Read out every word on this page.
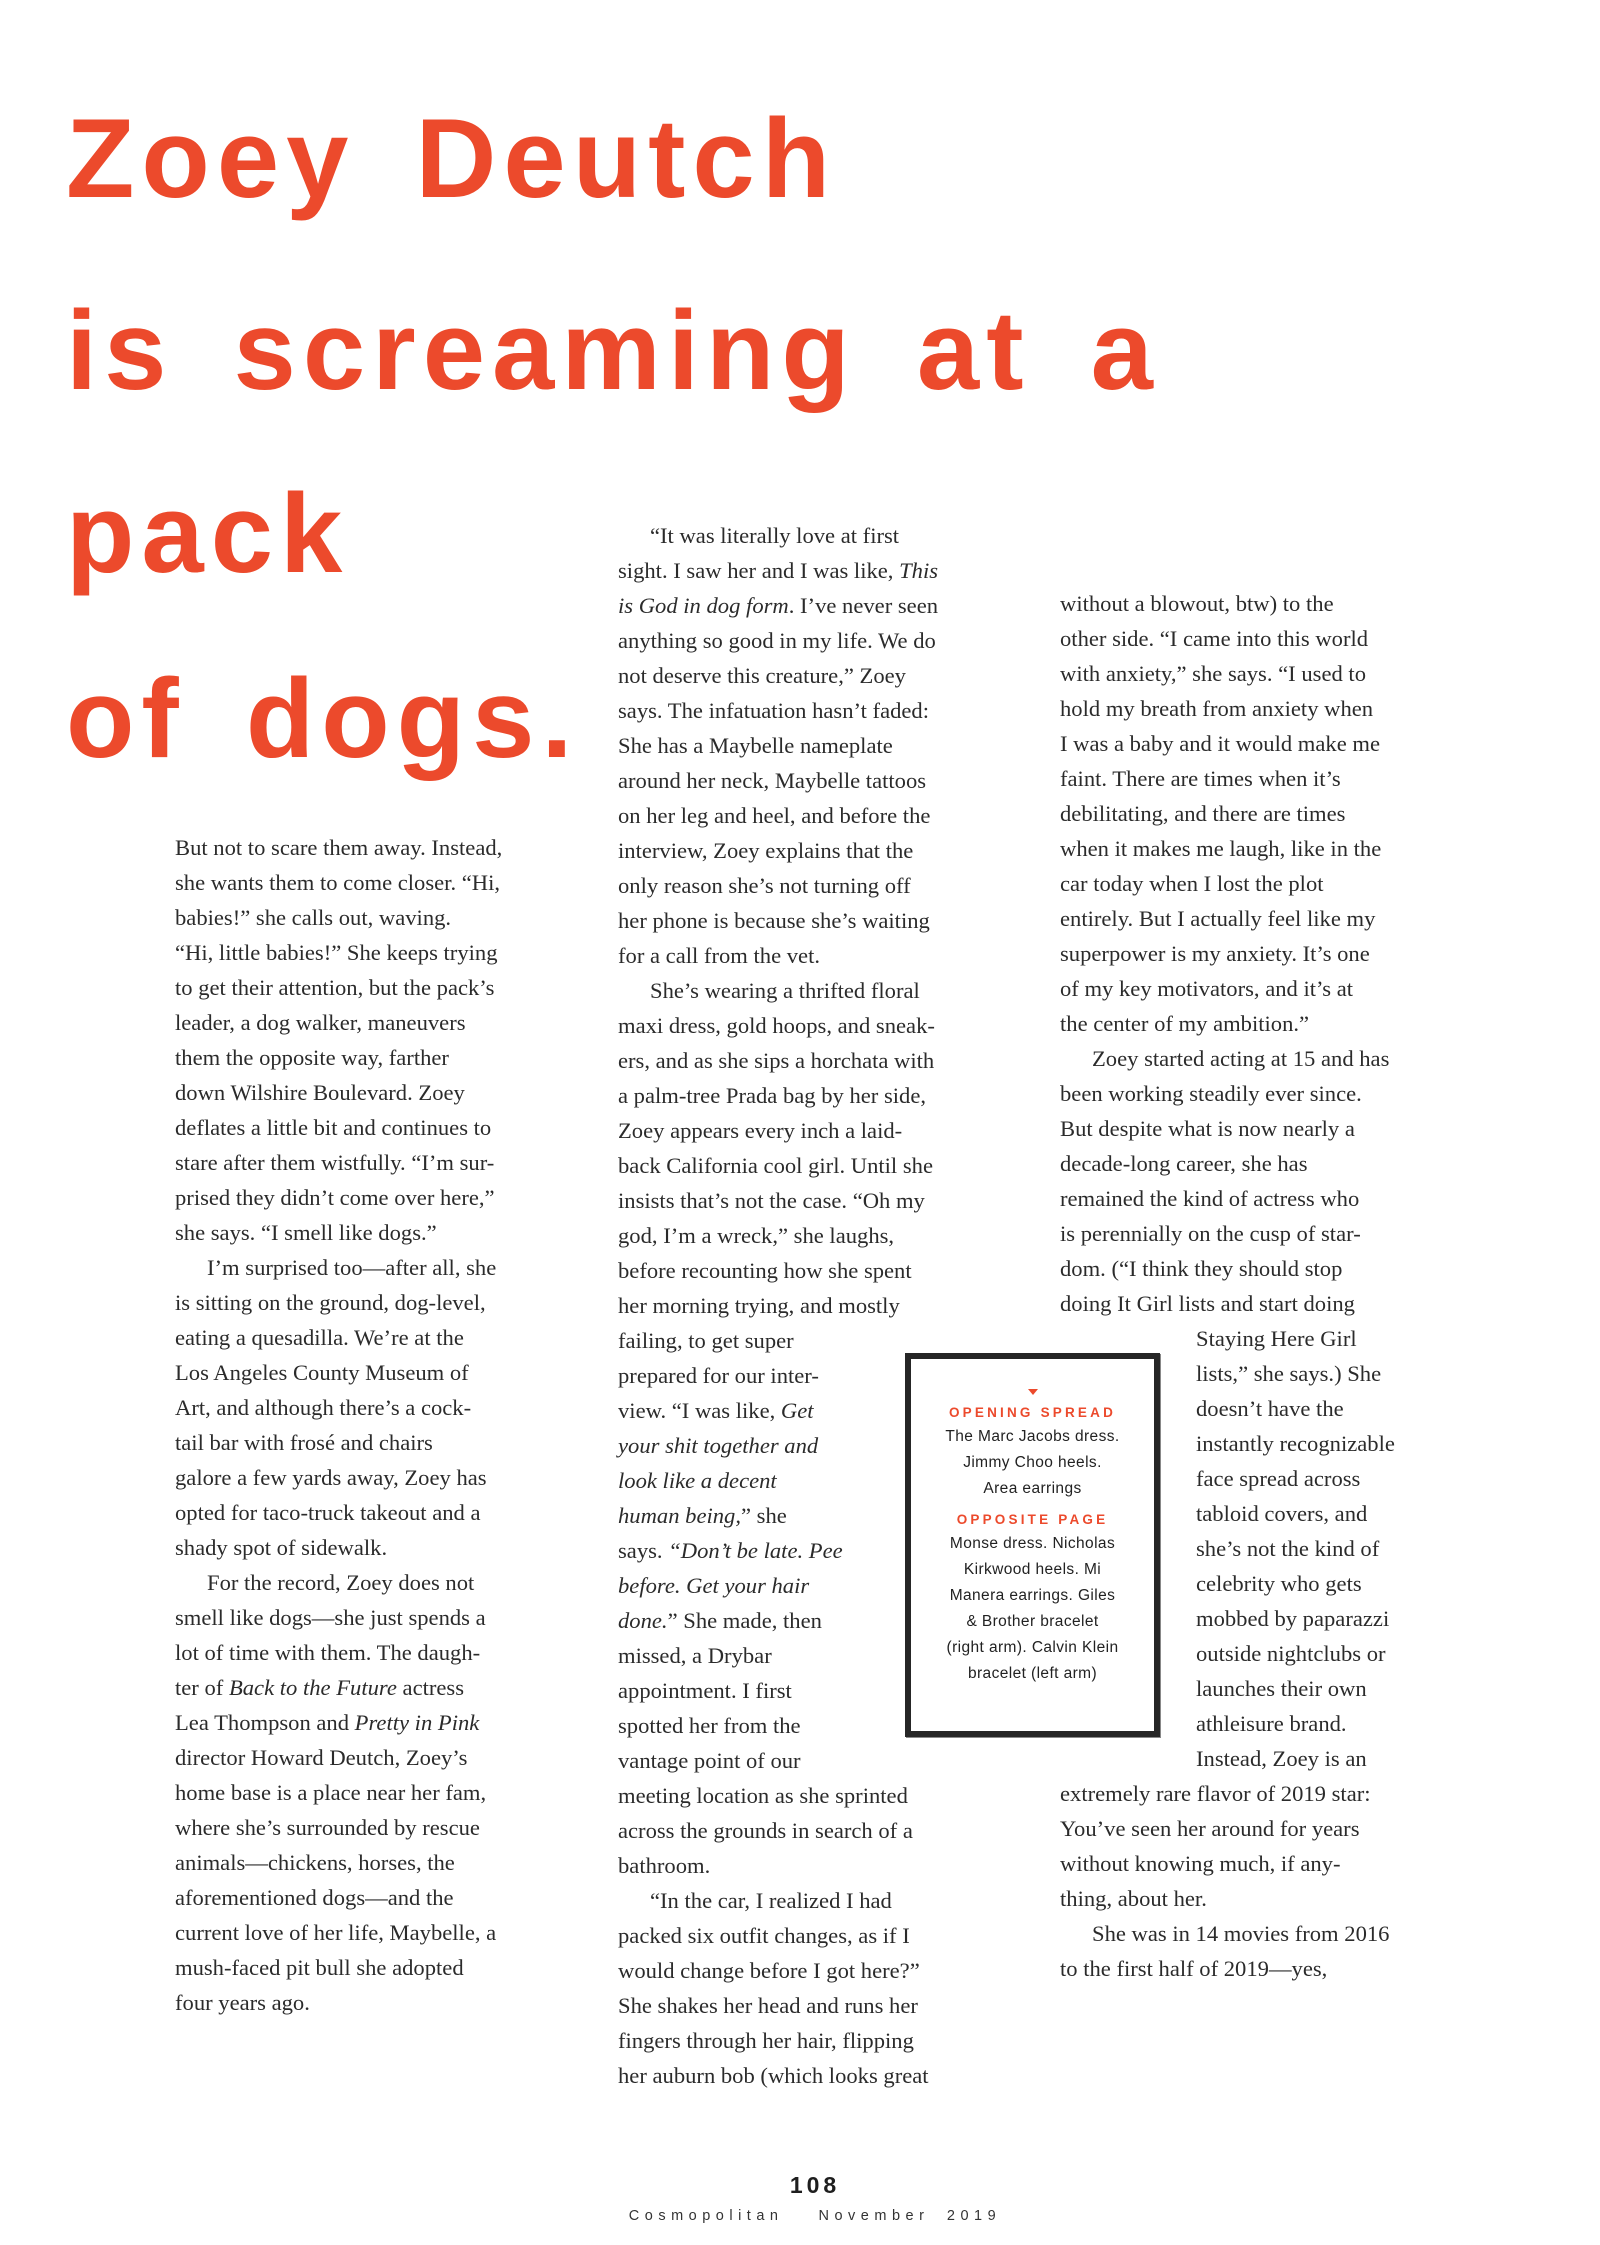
Zoey Deutch
is screaming at a
pack
of dogs.
But not to scare them away. Instead,
she wants them to come closer. “Hi,
babies!” she calls out, waving.
“Hi, little babies!” She keeps trying
to get their attention, but the pack’s
leader, a dog walker, maneuvers
them the opposite way, farther
down Wilshire Boulevard. Zoey
deflates a little bit and continues to
stare after them wistfully. “I’m sur-
prised they didn’t come over here,”
she says. “I smell like dogs.”
I’m surprised too—after all, she
is sitting on the ground, dog-level,
eating a quesadilla. We’re at the
Los Angeles County Museum of
Art, and although there’s a cock-
tail bar with frosé and chairs
galore a few yards away, Zoey has
opted for taco-truck takeout and a
shady spot of sidewalk.
For the record, Zoey does not
smell like dogs—she just spends a
lot of time with them. The daugh-
ter of Back to the Future actress
Lea Thompson and Pretty in Pink
director Howard Deutch, Zoey’s
home base is a place near her fam,
where she’s surrounded by rescue
animals—chickens, horses, the
aforementioned dogs—and the
current love of her life, Maybelle, a
mush-faced pit bull she adopted
four years ago.
“It was literally love at first
sight. I saw her and I was like, This
is God in dog form. I’ve never seen
anything so good in my life. We do
not deserve this creature,” Zoey
says. The infatuation hasn’t faded:
She has a Maybelle nameplate
around her neck, Maybelle tattoos
on her leg and heel, and before the
interview, Zoey explains that the
only reason she’s not turning off
her phone is because she’s waiting
for a call from the vet.
She’s wearing a thrifted floral
maxi dress, gold hoops, and sneak-
ers, and as she sips a horchata with
a palm-tree Prada bag by her side,
Zoey appears every inch a laid-
back California cool girl. Until she
insists that’s not the case. “Oh my
god, I’m a wreck,” she laughs,
before recounting how she spent
her morning trying, and mostly
failing, to get super
prepared for our inter-
view. “I was like, Get
your shit together and
look like a decent
human being,” she
says. “Don’t be late. Pee
before. Get your hair
done.” She made, then
missed, a Drybar
appointment. I first
spotted her from the
vantage point of our
meeting location as she sprinted
across the grounds in search of a
bathroom.
“In the car, I realized I had
packed six outfit changes, as if I
would change before I got here?”
She shakes her head and runs her
fingers through her hair, flipping
her auburn bob (which looks great
without a blowout, btw) to the
other side. “I came into this world
with anxiety,” she says. “I used to
hold my breath from anxiety when
I was a baby and it would make me
faint. There are times when it’s
debilitating, and there are times
when it makes me laugh, like in the
car today when I lost the plot
entirely. But I actually feel like my
superpower is my anxiety. It’s one
of my key motivators, and it’s at
the center of my ambition.”
Zoey started acting at 15 and has
been working steadily ever since.
But despite what is now nearly a
decade-long career, she has
remained the kind of actress who
is perennially on the cusp of star-
dom. (“I think they should stop
doing It Girl lists and start doing
Staying Here Girl
lists,” she says.) She
doesn’t have the
instantly recognizable
face spread across
tabloid covers, and
she’s not the kind of
celebrity who gets
mobbed by paparazzi
outside nightclubs or
launches their own
athleisure brand.
Instead, Zoey is an
extremely rare flavor of 2019 star:
You’ve seen her around for years
without knowing much, if any-
thing, about her.
She was in 14 movies from 2016
to the first half of 2019—yes,
OPENING SPREAD
The Marc Jacobs dress.
Jimmy Choo heels.
Area earrings
OPPOSITE PAGE
Monse dress. Nicholas
Kirkwood heels. Mi
Manera earrings. Giles
& Brother bracelet
(right arm). Calvin Klein
bracelet (left arm)
108
Cosmopolitan  November 2019
